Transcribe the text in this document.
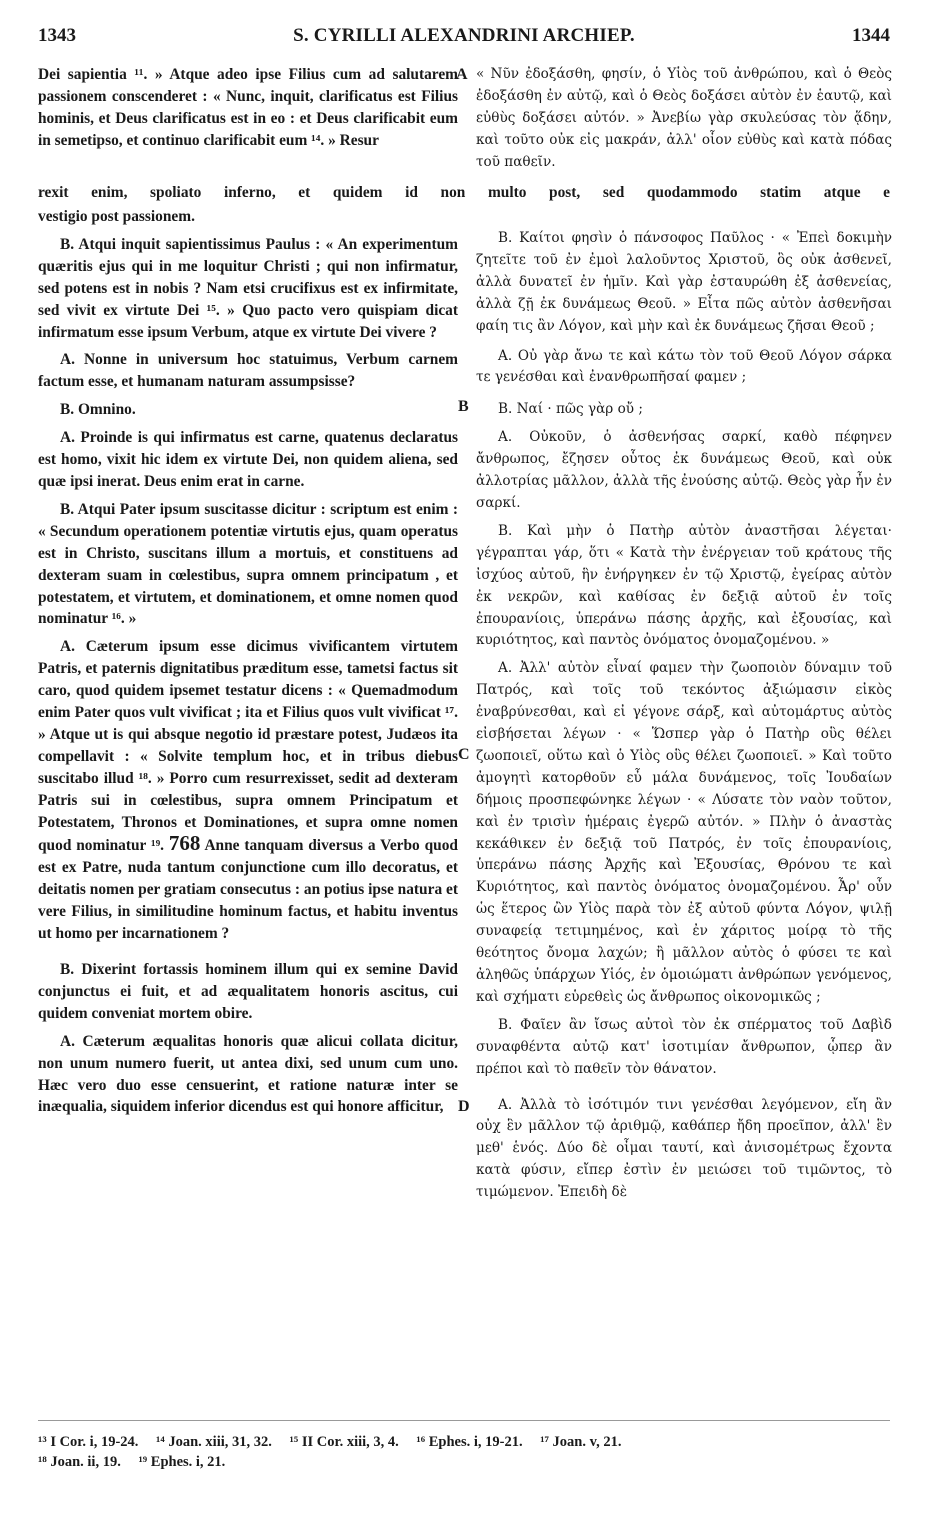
1343	S. CYRILLI ALEXANDRINI ARCHIEP.	1344
A
B
C
D
Dei sapientia ¹¹. » Atque adeo ipse Filius cum ad salutarem passionem conscenderet : « Nunc, inquit, clarificatus est Filius hominis, et Deus clarificatus est in eo : et Deus clarificabit eum in semetipso, et continuo clarificabit eum ¹⁴. » Resur
« Νῦν ἐδοξάσθη, φησίν, ὁ Υἱὸς τοῦ ἀνθρώπου, καὶ ὁ Θεὸς ἐδοξάσθη ἐν αὐτῷ, καὶ ὁ Θεὸς δοξάσει αὐτὸν ἐν ἑαυτῷ, καὶ εὐθὺς δοξάσει αὐτόν. » Ἀνεβίω γὰρ σκυλεύσας τὸν ᾅδην, καὶ τοῦτο οὐκ εἰς μακράν, ἀλλ' οἷον εὐθὺς καὶ κατὰ πόδας τοῦ παθεῖν.
rexit enim, spoliato inferno, et quidem id non multo post, sed quodammodo statim atque e
vestigio post passionem.
B. Atqui inquit sapientissimus Paulus : « An experimentum quæritis ejus qui in me loquitur Christi ; qui non infirmatur, sed potens est in nobis ? Nam etsi crucifixus est ex infirmitate, sed vivit ex virtute Dei ¹⁵. » Quo pacto vero quispiam dicat infirmatum esse ipsum Verbum, atque ex virtute Dei vivere ?
A. Nonne in universum hoc statuimus, Verbum carnem factum esse, et humanam naturam assumpsisse?
B. Omnino.
A. Proinde is qui infirmatus est carne, quatenus declaratus est homo, vixit hic idem ex virtute Dei, non quidem aliena, sed quæ ipsi inerat. Deus enim erat in carne.
B. Atqui Pater ipsum suscitasse dicitur : scriptum est enim : « Secundum operationem potentiæ virtutis ejus, quam operatus est in Christo, suscitans illum a mortuis, et constituens ad dexteram suam in cœlestibus, supra omnem principatum , et potestatem, et virtutem, et dominationem, et omne nomen quod nominatur ¹⁶. »
A. Cæterum ipsum esse dicimus vivificantem virtutem Patris, et paternis dignitatibus præditum esse, tametsi factus sit caro, quod quidem ipsemet testatur dicens : « Quemadmodum enim Pater quos vult vivificat ; ita et Filius quos vult vivificat ¹⁷. » Atque ut is qui absque negotio id præstare potest, Judæos ita compellavit : « Solvite templum hoc, et in tribus diebus suscitabo illud ¹⁸. » Porro cum resurrexisset, sedit ad dexteram Patris sui in cœlestibus, supra omnem Principatum et Potestatem, Thronos et Dominationes, et supra omne nomen quod nominatur ¹⁹. 768 Anne tanquam diversus a Verbo quod est ex Patre, nuda tantum conjunctione cum illo decoratus, et deitatis nomen per gratiam consecutus : an potius ipse natura et vere Filius, in similitudine hominum factus, et habitu inventus ut homo per incarnationem ?
B. Dixerint fortassis hominem illum qui ex semine David conjunctus ei fuit, et ad æqualitatem honoris ascitus, cui quidem conveniat mortem obire.
A. Cæterum æqualitas honoris quæ alicui collata dicitur, non unum numero fuerit, ut antea dixi, sed unum cum uno. Hæc vero duo esse censuerint, et ratione naturæ inter se inæqualia, siquidem inferior dicendus est qui honore afficitur,
B. Καίτοι φησὶν ὁ πάνσοφος Παῦλος · « Ἐπεὶ δοκιμὴν ζητεῖτε τοῦ ἐν ἐμοὶ λαλοῦντος Χριστοῦ, ὃς οὐκ ἀσθενεῖ, ἀλλὰ δυνατεῖ ἐν ἡμῖν. Καὶ γὰρ ἐσταυρώθη ἐξ ἀσθενείας, ἀλλὰ ζῇ ἐκ δυνάμεως Θεοῦ. » Εἶτα πῶς αὐτὸν ἀσθενῆσαι φαίη τις ἂν Λόγον, καὶ μὴν καὶ ἐκ δυνάμεως ζῆσαι Θεοῦ ;
A. Οὐ γὰρ ἄνω τε καὶ κάτω τὸν τοῦ Θεοῦ Λόγον σάρκα τε γενέσθαι καὶ ἐνανθρωπῆσαί φαμεν ;
B. Ναί · πῶς γὰρ οὔ ;
A. Οὐκοῦν, ὁ ἀσθενήσας σαρκί, καθὸ πέφηνεν ἄνθρωπος, ἔζησεν οὗτος ἐκ δυνάμεως Θεοῦ, καὶ οὐκ ἀλλοτρίας μᾶλλον, ἀλλὰ τῆς ἐνούσης αὐτῷ. Θεὸς γὰρ ἦν ἐν σαρκί.
B. Καὶ μὴν ὁ Πατὴρ αὐτὸν ἀναστῆσαι λέγεται· γέγραπται γάρ, ὅτι « Κατὰ τὴν ἐνέργειαν τοῦ κράτους τῆς ἰσχύος αὐτοῦ, ἣν ἐνήργηκεν ἐν τῷ Χριστῷ, ἐγείρας αὐτὸν ἐκ νεκρῶν, καὶ καθίσας ἐν δεξιᾷ αὐτοῦ ἐν τοῖς ἐπουρανίοις, ὑπεράνω πάσης ἀρχῆς, καὶ ἐξουσίας, καὶ κυριότητος, καὶ παντὸς ὀνόματος ὀνομαζομένου. »
A. Ἀλλ' αὐτὸν εἶναί φαμεν τὴν ζωοποιὸν δύναμιν τοῦ Πατρός, καὶ τοῖς τοῦ τεκόντος ἀξιώμασιν εἰκὸς ἐναβρύνεσθαι, καὶ εἰ γέγονε σάρξ, καὶ αὐτομάρτυς αὐτὸς εἰσβήσεται λέγων · « Ὥσπερ γὰρ ὁ Πατὴρ οὓς θέλει ζωοποιεῖ, οὕτω καὶ ὁ Υἱὸς οὓς θέλει ζωοποιεῖ. » Καὶ τοῦτο ἀμογητὶ κατορθοῦν εὖ μάλα δυνάμενος, τοῖς Ἰουδαίων δήμοις προσπεφώνηκε λέγων · « Λύσατε τὸν ναὸν τοῦτον, καὶ ἐν τρισὶν ἡμέραις ἐγερῶ αὐτόν. » Πλὴν ὁ ἀναστὰς κεκάθικεν ἐν δεξιᾷ τοῦ Πατρός, ἐν τοῖς ἐπουρανίοις, ὑπεράνω πάσης Ἀρχῆς καὶ Ἐξουσίας, Θρόνου τε καὶ Κυριότητος, καὶ παντὸς ὀνόματος ὀνομαζομένου. Ἆρ' οὖν ὡς ἕτερος ὢν Υἱὸς παρὰ τὸν ἐξ αὐτοῦ φύντα Λόγον, ψιλῇ συναφείᾳ τετιμημένος, καὶ ἐν χάριτος μοίρᾳ τὸ τῆς θεότητος ὄνομα λαχών; ἢ μᾶλλον αὐτὸς ὁ φύσει τε καὶ ἀληθῶς ὑπάρχων Υἱός, ἐν ὁμοιώματι ἀνθρώπων γενόμενος, καὶ σχήματι εὑρεθεὶς ὡς ἄνθρωπος οἰκονομικῶς ;
B. Φαῖεν ἂν ἴσως αὐτοὶ τὸν ἐκ σπέρματος τοῦ Δαβὶδ συναφθέντα αὐτῷ κατ' ἰσοτιμίαν ἄνθρωπον, ᾧπερ ἂν πρέποι καὶ τὸ παθεῖν τὸν θάνατον.
A. Ἀλλὰ τὸ ἰσότιμόν τινι γενέσθαι λεγόμενον, εἴη ἂν οὐχ ἓν μᾶλλον τῷ ἀριθμῷ, καθάπερ ἤδη προεῖπον, ἀλλ' ἓν μεθ' ἑνός. Δύο δὲ οἶμαι ταυτί, καὶ ἀνισομέτρως ἔχοντα κατὰ φύσιν, εἴπερ ἐστὶν ἐν μειώσει τοῦ τιμῶντος, τὸ τιμώμενον. Ἐπειδὴ δὲ
¹³ I Cor. i, 19-24. ¹⁴ Joan. xiii, 31, 32. ¹⁵ II Cor. xiii, 3, 4. ¹⁶ Ephes. i, 19-21. ¹⁷ Joan. v, 21.
¹⁸ Joan. ii, 19. ¹⁹ Ephes. i, 21.
